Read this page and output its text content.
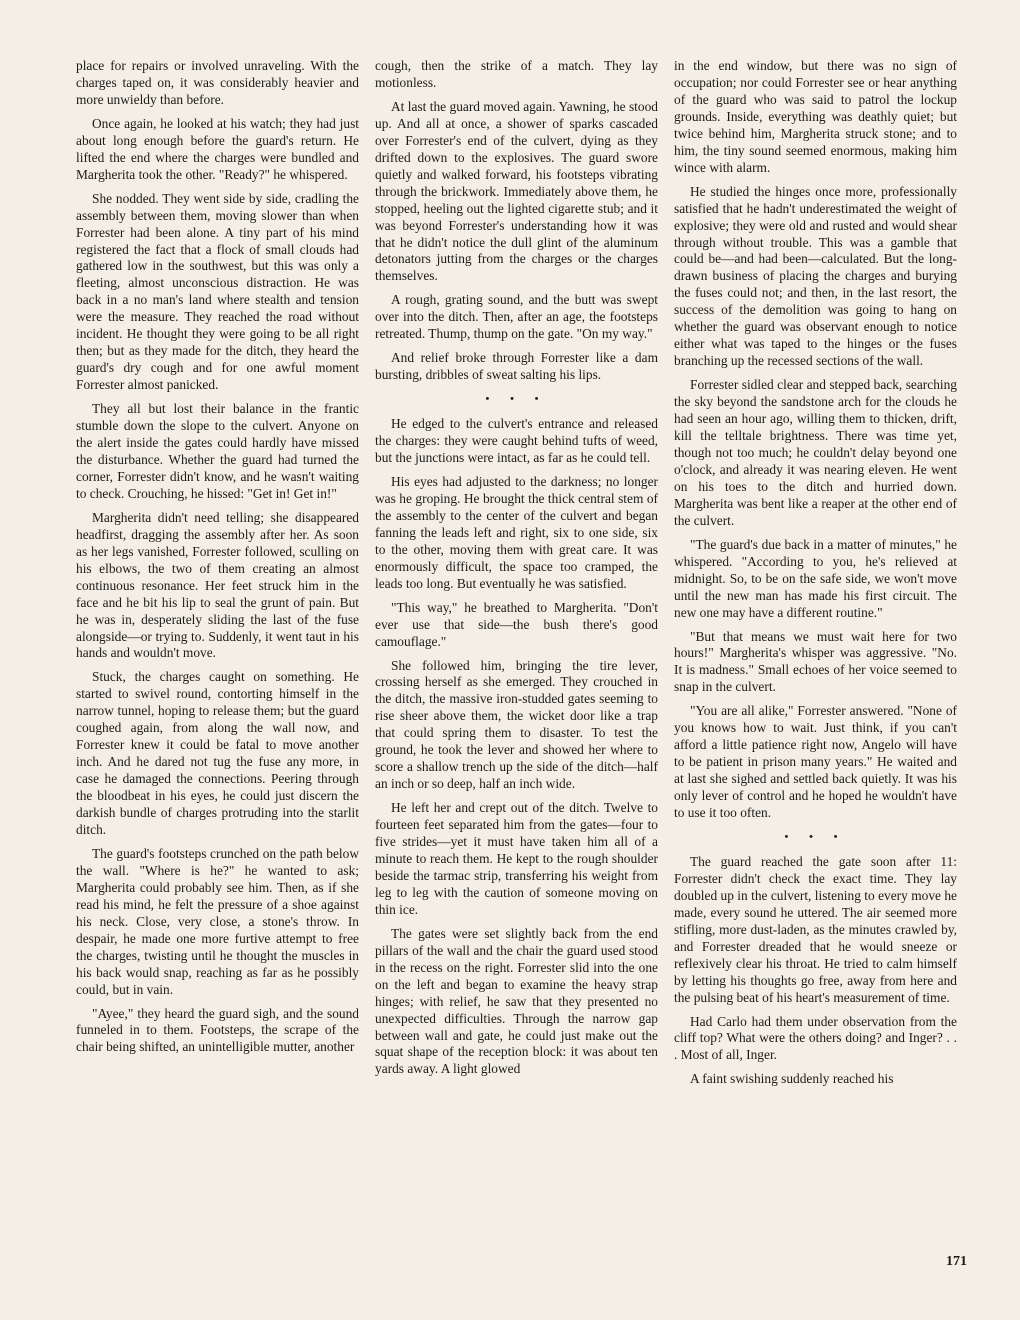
place for repairs or involved unraveling. With the charges taped on, it was considerably heavier and more unwieldy than before.

Once again, he looked at his watch; they had just about long enough before the guard's return. He lifted the end where the charges were bundled and Margherita took the other. "Ready?" he whispered.

She nodded. They went side by side, cradling the assembly between them, moving slower than when Forrester had been alone. A tiny part of his mind registered the fact that a flock of small clouds had gathered low in the southwest, but this was only a fleeting, almost unconscious distraction. He was back in a no man's land where stealth and tension were the measure. They reached the road without incident. He thought they were going to be all right then; but as they made for the ditch, they heard the guard's dry cough and for one awful moment Forrester almost panicked.

They all but lost their balance in the frantic stumble down the slope to the culvert. Anyone on the alert inside the gates could hardly have missed the disturbance. Whether the guard had turned the corner, Forrester didn't know, and he wasn't waiting to check. Crouching, he hissed: "Get in! Get in!"

Margherita didn't need telling; she disappeared headfirst, dragging the assembly after her. As soon as her legs vanished, Forrester followed, sculling on his elbows, the two of them creating an almost continuous resonance. Her feet struck him in the face and he bit his lip to seal the grunt of pain. But he was in, desperately sliding the last of the fuse alongside—or trying to. Suddenly, it went taut in his hands and wouldn't move.

Stuck, the charges caught on something. He started to swivel round, contorting himself in the narrow tunnel, hoping to release them; but the guard coughed again, from along the wall now, and Forrester knew it could be fatal to move another inch. And he dared not tug the fuse any more, in case he damaged the connections. Peering through the bloodbeat in his eyes, he could just discern the darkish bundle of charges protruding into the starlit ditch.

The guard's footsteps crunched on the path below the wall. "Where is he?" he wanted to ask; Margherita could probably see him. Then, as if she read his mind, he felt the pressure of a shoe against his neck. Close, very close, a stone's throw. In despair, he made one more furtive attempt to free the charges, twisting until he thought the muscles in his back would snap, reaching as far as he possibly could, but in vain.

"Ayee," they heard the guard sigh, and the sound funneled in to them. Footsteps, the scrape of the chair being shifted, an unintelligible mutter, another

cough, then the strike of a match. They lay motionless.

At last the guard moved again. Yawning, he stood up. And all at once, a shower of sparks cascaded over Forrester's end of the culvert, dying as they drifted down to the explosives. The guard swore quietly and walked forward, his footsteps vibrating through the brickwork. Immediately above them, he stopped, heeling out the lighted cigarette stub; and it was beyond Forrester's understanding how it was that he didn't notice the dull glint of the aluminum detonators jutting from the charges or the charges themselves.

A rough, grating sound, and the butt was swept over into the ditch. Then, after an age, the footsteps retreated. Thump, thump on the gate. "On my way."

And relief broke through Forrester like a dam bursting, dribbles of sweat salting his lips.

• • •

He edged to the culvert's entrance and released the charges: they were caught behind tufts of weed, but the junctions were intact, as far as he could tell.

His eyes had adjusted to the darkness; no longer was he groping. He brought the thick central stem of the assembly to the center of the culvert and began fanning the leads left and right, six to one side, six to the other, moving them with great care. It was enormously difficult, the space too cramped, the leads too long. But eventually he was satisfied.

"This way," he breathed to Margherita. "Don't ever use that side—the bush there's good camouflage."

She followed him, bringing the tire lever, crossing herself as she emerged. They crouched in the ditch, the massive iron-studded gates seeming to rise sheer above them, the wicket door like a trap that could spring them to disaster. To test the ground, he took the lever and showed her where to score a shallow trench up the side of the ditch—half an inch or so deep, half an inch wide.

He left her and crept out of the ditch. Twelve to fourteen feet separated him from the gates—four to five strides—yet it must have taken him all of a minute to reach them. He kept to the rough shoulder beside the tarmac strip, transferring his weight from leg to leg with the caution of someone moving on thin ice.

The gates were set slightly back from the end pillars of the wall and the chair the guard used stood in the recess on the right. Forrester slid into the one on the left and began to examine the heavy strap hinges; with relief, he saw that they presented no unexpected difficulties. Through the narrow gap between wall and gate, he could just make out the squat shape of the reception block: it was about ten yards away. A light glowed

in the end window, but there was no sign of occupation; nor could Forrester see or hear anything of the guard who was said to patrol the lockup grounds. Inside, everything was deathly quiet; but twice behind him, Margherita struck stone; and to him, the tiny sound seemed enormous, making him wince with alarm.

He studied the hinges once more, professionally satisfied that he hadn't underestimated the weight of explosive; they were old and rusted and would shear through without trouble. This was a gamble that could be—and had been—calculated. But the long-drawn business of placing the charges and burying the fuses could not; and then, in the last resort, the success of the demolition was going to hang on whether the guard was observant enough to notice either what was taped to the hinges or the fuses branching up the recessed sections of the wall.

Forrester sidled clear and stepped back, searching the sky beyond the sandstone arch for the clouds he had seen an hour ago, willing them to thicken, drift, kill the telltale brightness. There was time yet, though not too much; he couldn't delay beyond one o'clock, and already it was nearing eleven. He went on his toes to the ditch and hurried down. Margherita was bent like a reaper at the other end of the culvert.

"The guard's due back in a matter of minutes," he whispered. "According to you, he's relieved at midnight. So, to be on the safe side, we won't move until the new man has made his first circuit. The new one may have a different routine."

"But that means we must wait here for two hours!" Margherita's whisper was aggressive. "No. It is madness." Small echoes of her voice seemed to snap in the culvert.

"You are all alike," Forrester answered. "None of you knows how to wait. Just think, if you can't afford a little patience right now, Angelo will have to be patient in prison many years." He waited and at last she sighed and settled back quietly. It was his only lever of control and he hoped he wouldn't have to use it too often.

• • •

The guard reached the gate soon after 11: Forrester didn't check the exact time. They lay doubled up in the culvert, listening to every move he made, every sound he uttered. The air seemed more stifling, more dust-laden, as the minutes crawled by, and Forrester dreaded that he would sneeze or reflexively clear his throat. He tried to calm himself by letting his thoughts go free, away from here and the pulsing beat of his heart's measurement of time.

Had Carlo had them under observation from the cliff top? What were the others doing? and Inger? . . . Most of all, Inger.

A faint swishing suddenly reached his

171
